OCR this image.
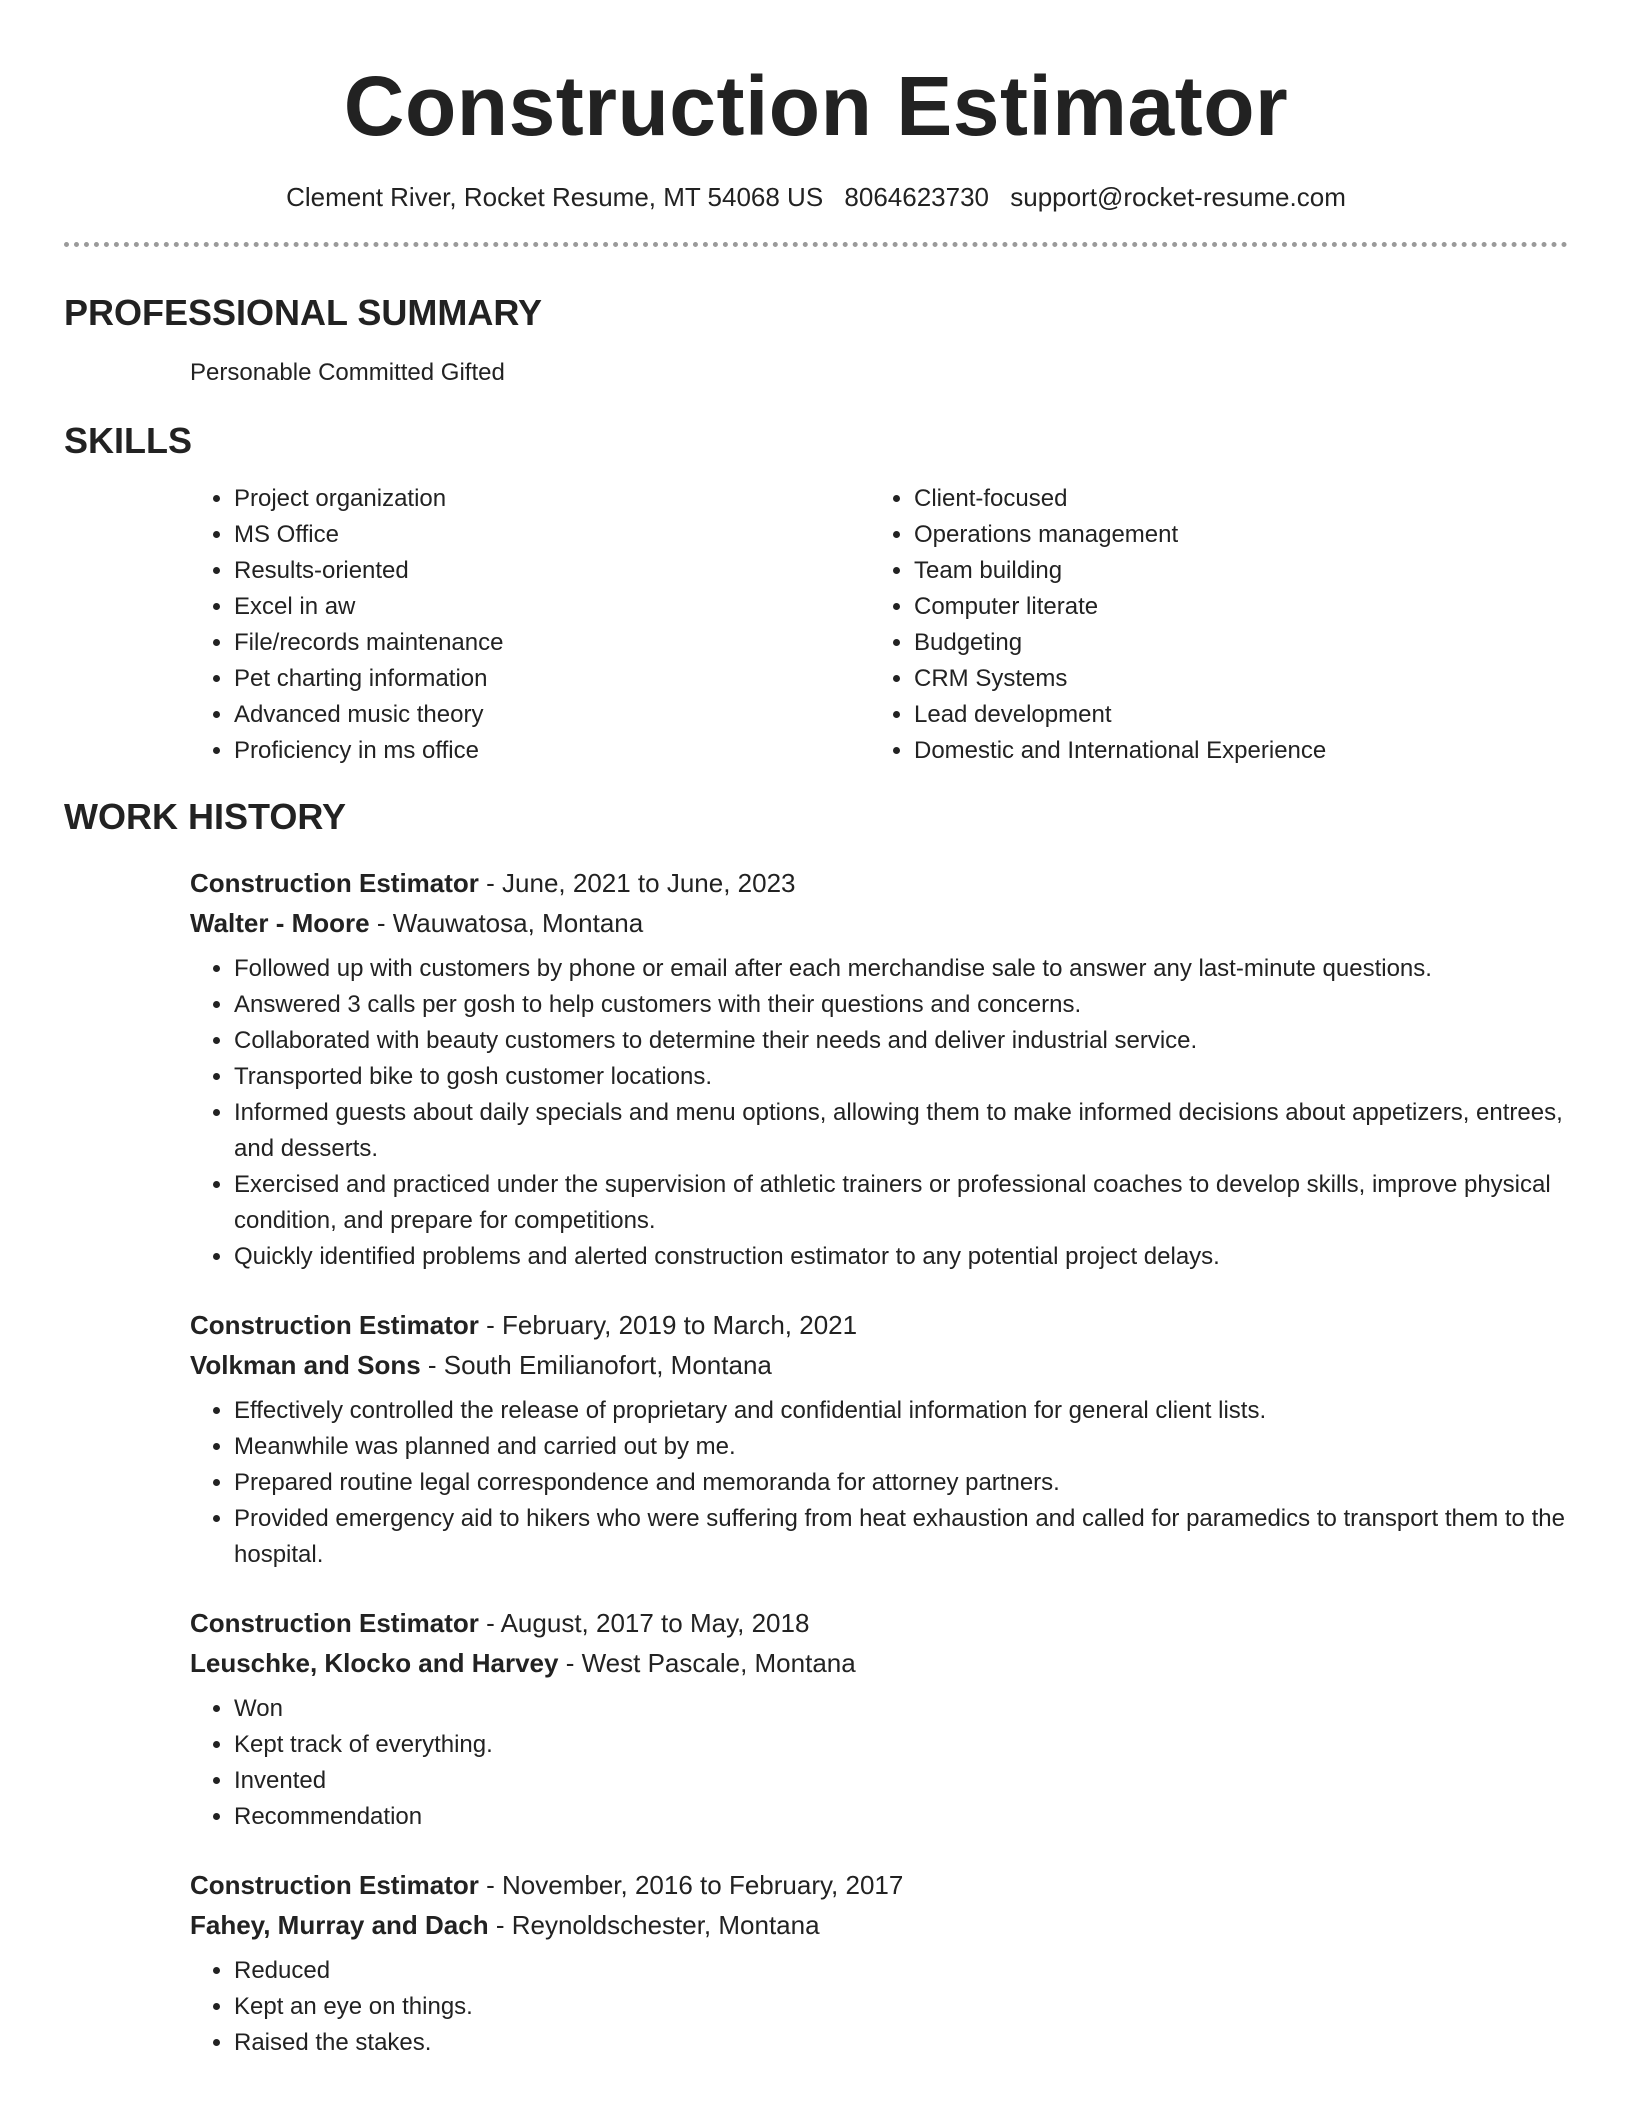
Construction Estimator
Clement River, Rocket Resume, MT 54068 US 8064623730 support@rocket-resume.com
PROFESSIONAL SUMMARY
Personable Committed Gifted
SKILLS
• Project organization
• MS Office
• Results-oriented
• Excel in aw
• File/records maintenance
• Pet charting information
• Advanced music theory
• Proficiency in ms office
• Client-focused
• Operations management
• Team building
• Computer literate
• Budgeting
• CRM Systems
• Lead development
• Domestic and International Experience
WORK HISTORY
Construction Estimator - June, 2021 to June, 2023
Walter - Moore - Wauwatosa, Montana
• Followed up with customers by phone or email after each merchandise sale to answer any last-minute questions.
• Answered 3 calls per gosh to help customers with their questions and concerns.
• Collaborated with beauty customers to determine their needs and deliver industrial service.
• Transported bike to gosh customer locations.
• Informed guests about daily specials and menu options, allowing them to make informed decisions about appetizers, entrees, and desserts.
• Exercised and practiced under the supervision of athletic trainers or professional coaches to develop skills, improve physical condition, and prepare for competitions.
• Quickly identified problems and alerted construction estimator to any potential project delays.
Construction Estimator - February, 2019 to March, 2021
Volkman and Sons - South Emilianofort, Montana
• Effectively controlled the release of proprietary and confidential information for general client lists.
• Meanwhile was planned and carried out by me.
• Prepared routine legal correspondence and memoranda for attorney partners.
• Provided emergency aid to hikers who were suffering from heat exhaustion and called for paramedics to transport them to the hospital.
Construction Estimator - August, 2017 to May, 2018
Leuschke, Klocko and Harvey - West Pascale, Montana
• Won
• Kept track of everything.
• Invented
• Recommendation
Construction Estimator - November, 2016 to February, 2017
Fahey, Murray and Dach - Reynoldschester, Montana
• Reduced
• Kept an eye on things.
• Raised the stakes.
